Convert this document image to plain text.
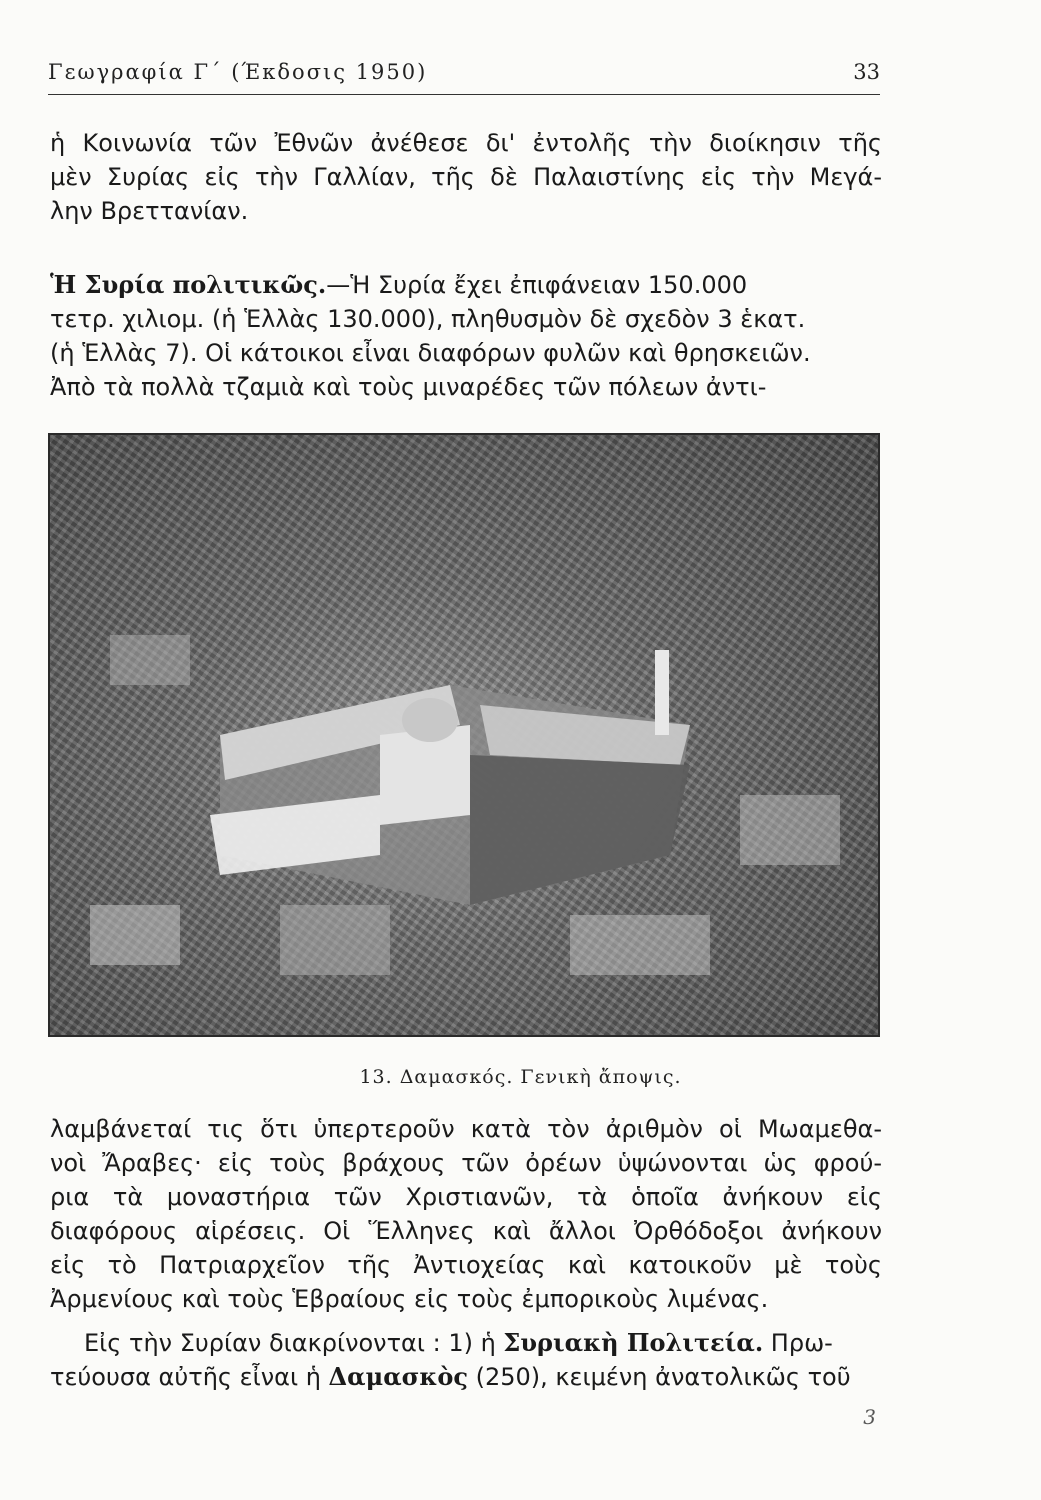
Γεωγραφία Γ΄ (Έκδοσις 1950)	33
ἡ Κοινωνία τῶν Ἐθνῶν ἀνέθεσε δι' ἐντολῆς τὴν διοίκησιν τῆς
μὲν Συρίας εἰς τὴν Γαλλίαν, τῆς δὲ Παλαιστίνης εἰς τὴν Μεγά-
λην Βρεττανίαν.
Ἡ Συρία πολιτικῶς.—Ἡ Συρία ἔχει ἐπιφάνειαν 150.000
τετρ. χιλιομ. (ἡ Ἑλλὰς 130.000), πληθυσμὸν δὲ σχεδὸν 3 ἑκατ.
(ἡ Ἑλλὰς 7). Οἱ κάτοικοι εἶναι διαφόρων φυλῶν καὶ θρησκειῶν.
Ἀπὸ τὰ πολλὰ τζαμιὰ καὶ τοὺς μιναρέδες τῶν πόλεων ἀντι-
13. Δαμασκός. Γενικὴ ἄποψις.
λαμβάνεταί τις ὅτι ὑπερτεροῦν κατὰ τὸν ἀριθμὸν οἱ Μωαμεθα-
νοὶ Ἄραβες· εἰς τοὺς βράχους τῶν ὀρέων ὑψώνονται ὡς φρού-
ρια τὰ μοναστήρια τῶν Χριστιανῶν, τὰ ὁποῖα ἀνήκουν εἰς
διαφόρους αἱρέσεις. Οἱ Ἕλληνες καὶ ἄλλοι Ὀρθόδοξοι ἀνήκουν
εἰς τὸ Πατριαρχεῖον τῆς Ἀντιοχείας καὶ κατοικοῦν μὲ τοὺς
Ἀρμενίους καὶ τοὺς Ἑβραίους εἰς τοὺς ἐμπορικοὺς λιμένας.
Εἰς τὴν Συρίαν διακρίνονται : 1) ἡ Συριακὴ Πολιτεία. Πρω-
τεύουσα αὐτῆς εἶναι ἡ Δαμασκὸς (250), κειμένη ἀνατολικῶς τοῦ
3
